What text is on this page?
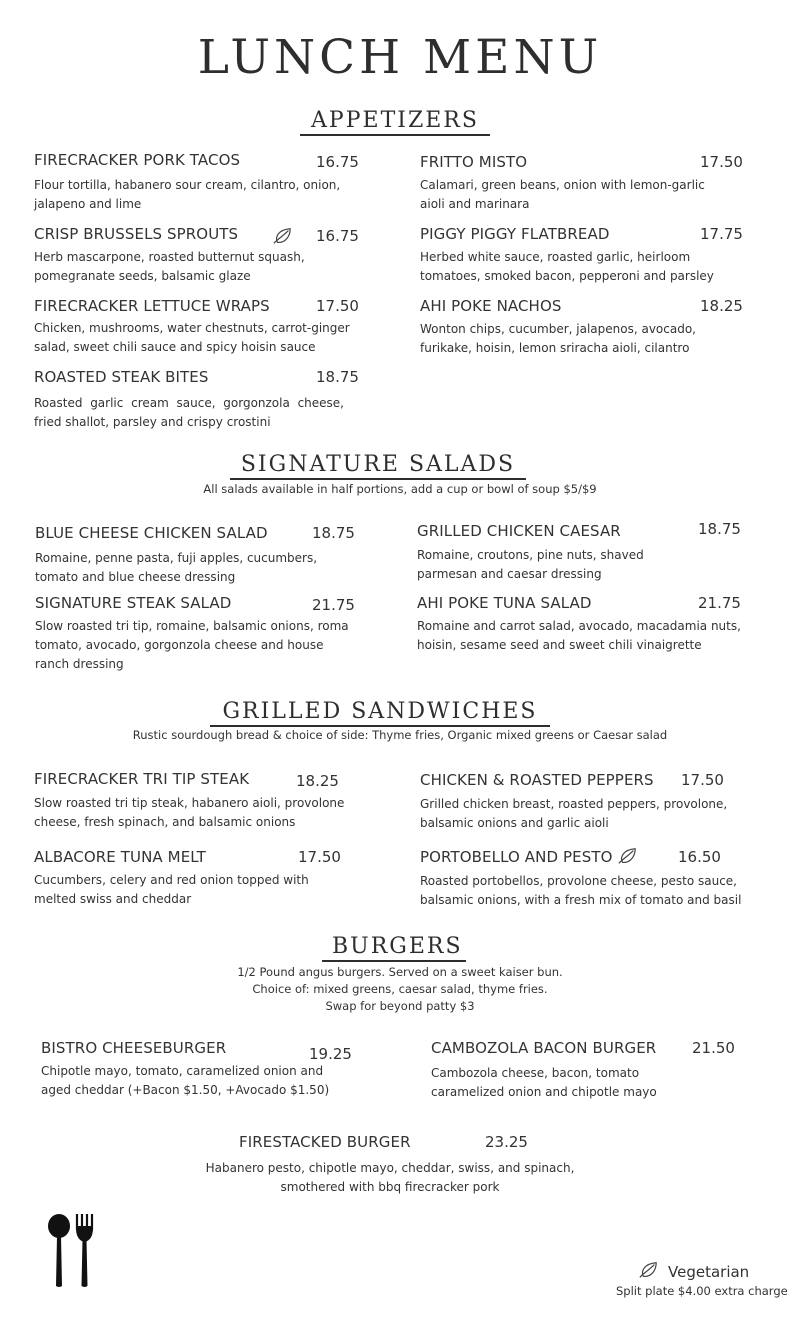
LUNCH MENU
APPETIZERS
FIRECRACKER PORK TACOS	16.75
Flour tortilla, habanero sour cream, cilantro, onion, jalapeno and lime
CRISP BRUSSELS SPROUTS	16.75
Herb mascarpone, roasted butternut squash, pomegranate seeds, balsamic glaze
FIRECRACKER LETTUCE WRAPS	17.50
Chicken, mushrooms, water chestnuts, carrot-ginger salad, sweet chili sauce and spicy hoisin sauce
ROASTED STEAK BITES	18.75
Roasted garlic cream sauce, gorgonzola cheese, fried shallot, parsley and crispy crostini
FRITTO MISTO	17.50
Calamari, green beans, onion with lemon-garlic aioli and marinara
PIGGY PIGGY FLATBREAD	17.75
Herbed white sauce, roasted garlic, heirloom tomatoes, smoked bacon, pepperoni and parsley
AHI POKE NACHOS	18.25
Wonton chips, cucumber, jalapenos, avocado, furikake, hoisin, lemon sriracha aioli, cilantro
SIGNATURE SALADS
All salads available in half portions, add a cup or bowl of soup $5/$9
BLUE CHEESE CHICKEN SALAD	18.75
Romaine, penne pasta, fuji apples, cucumbers, tomato and blue cheese dressing
SIGNATURE STEAK SALAD	21.75
Slow roasted tri tip, romaine, balsamic onions, roma tomato, avocado, gorgonzola cheese and house ranch dressing
GRILLED CHICKEN CAESAR	18.75
Romaine, croutons, pine nuts, shaved parmesan and caesar dressing
AHI POKE TUNA SALAD	21.75
Romaine and carrot salad, avocado, macadamia nuts, hoisin, sesame seed and sweet chili vinaigrette
GRILLED SANDWICHES
Rustic sourdough bread & choice of side: Thyme fries, Organic mixed greens or Caesar salad
FIRECRACKER TRI TIP STEAK	18.25
Slow roasted tri tip steak, habanero aioli, provolone cheese, fresh spinach, and balsamic onions
ALBACORE TUNA MELT	17.50
Cucumbers, celery and red onion topped with melted swiss and cheddar
CHICKEN & ROASTED PEPPERS 17.50
Grilled chicken breast, roasted peppers, provolone, balsamic onions and garlic aioli
PORTOBELLO AND PESTO	16.50
Roasted portobellos, provolone cheese, pesto sauce, balsamic onions, with a fresh mix of tomato and basil
BURGERS
1/2 Pound angus burgers. Served on a sweet kaiser bun.
Choice of: mixed greens, caesar salad, thyme fries.
Swap for beyond patty $3
BISTRO CHEESEBURGER	19.25
Chipotle mayo, tomato, caramelized onion and aged cheddar (+Bacon $1.50, +Avocado $1.50)
CAMBOZOLA BACON BURGER 21.50
Cambozola cheese, bacon, tomato caramelized onion and chipotle mayo
FIRESTACKED BURGER	23.25
Habanero pesto, chipotle mayo, cheddar, swiss, and spinach, smothered with bbq firecracker pork
Vegetarian
Split plate $4.00 extra charge
